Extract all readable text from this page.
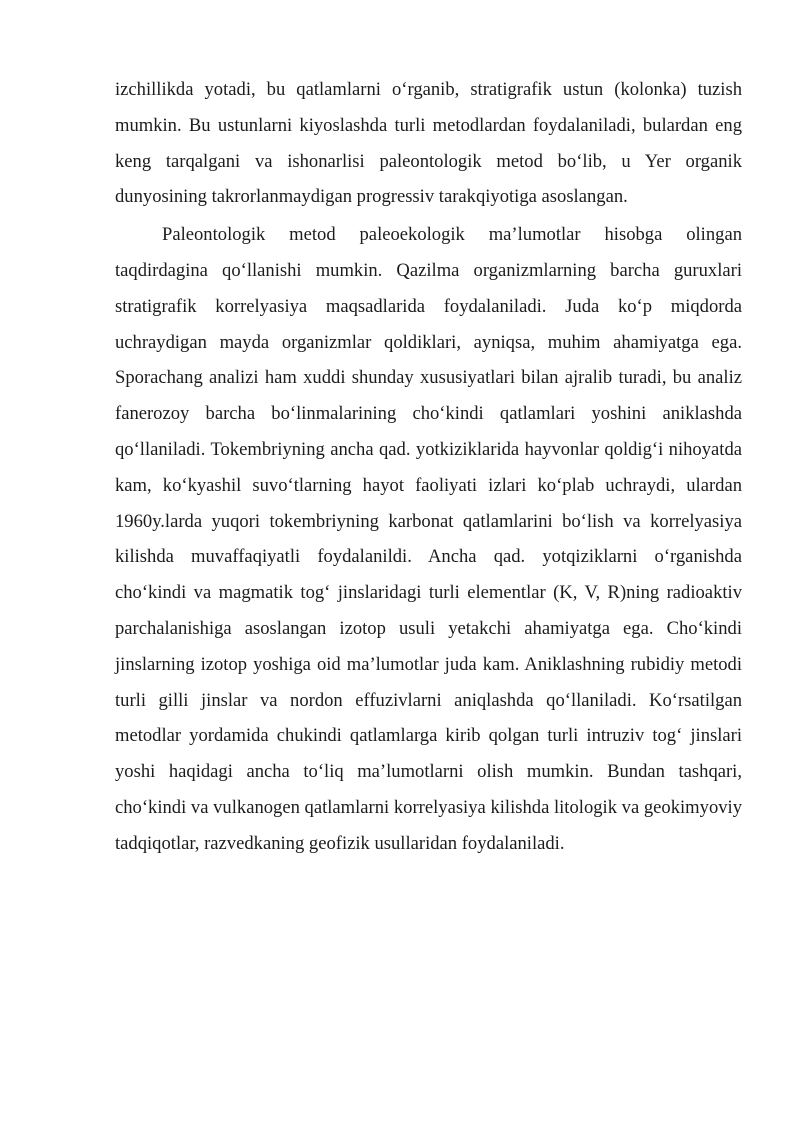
izchillikda yotadi, bu qatlamlarni o‘rganib, stratigrafik ustun (kolonka) tuzish mumkin. Bu ustunlarni kiyoslashda turli metodlardan foydalaniladi, bulardan eng keng tarqalgani va ishonarlisi paleontologik metod bo‘lib, u Yer organik dunyosining takrorlanmaydigan progressiv tarakqiyotiga asoslangan.

Paleontologik metod paleoekologik ma’lumotlar hisobga olingan taqdirdagina qo‘llanishi mumkin. Qazilma organizmlarning barcha guruxlari stratigrafik korrelyasiya maqsadlarida foydalaniladi. Juda ko‘p miqdorda uchraydigan mayda organizmlar qoldiklari, ayniqsa, muhim ahamiyatga ega. Sporachang analizi ham xuddi shunday xususiyatlari bilan ajralib turadi, bu analiz fanerozoy barcha bo‘linmalarining cho‘kindi qatlamlari yoshini aniklashda qo‘llaniladi. Tokembriyning ancha qad. yotkiziklarida hayvonlar qoldig‘i nihoyatda kam, ko‘kyashil suvo‘tlarning hayot faoliyati izlari ko‘plab uchraydi, ulardan 1960y.larda yuqori tokembriyning karbonat qatlamlarini bo‘lish va korrelyasiya kilishda muvaffaqiyatli foydalanildi. Ancha qad. yotqiziklarni o‘rganishda cho‘kindi va magmatik tog‘ jinslaridagi turli elementlar (K, V, R)ning radioaktiv parchalanishiga asoslangan izotop usuli yetakchi ahamiyatga ega. Cho‘kindi jinslarning izotop yoshiga oid ma’lumotlar juda kam. Aniklashning rubidiy metodi turli gilli jinslar va nordon effuzivlarni aniqlashda qo‘llaniladi. Ko‘rsatilgan metodlar yordamida chukindi qatlamlarga kirib qolgan turli intruziv tog‘ jinslari yoshi haqidagi ancha to‘liq ma’lumotlarni olish mumkin. Bundan tashqari, cho‘kindi va vulkanogen qatlamlarni korrelyasiya kilishda litologik va geokimyoviy tadqiqotlar, razvedkaning geofizik usullaridan foydalaniladi.
